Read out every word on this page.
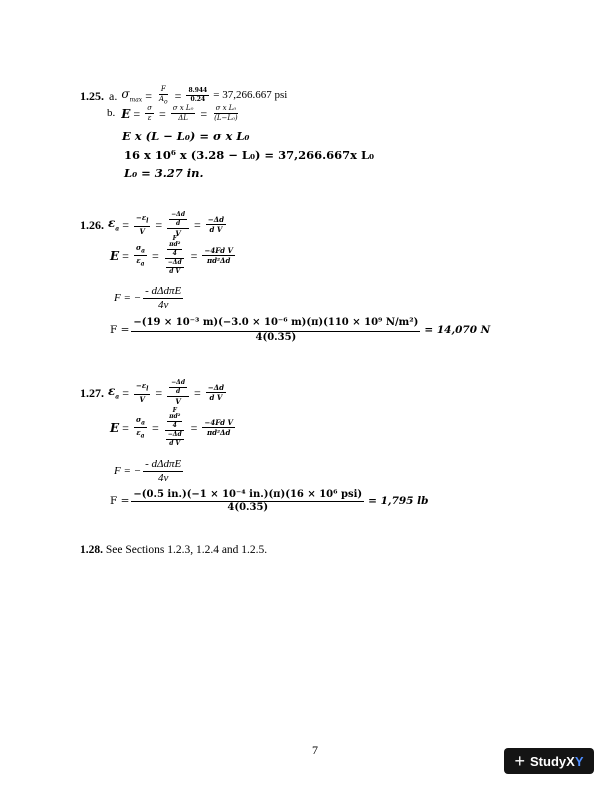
1.25. a. $\sigma_{max} = \frac{F}{A_o} = \frac{8.944}{0.24} = 37,266.667$ psi
b. $E = \frac{\sigma}{\varepsilon} = \frac{\text{σ x L₀}}{\Delta L} = \frac{\text{σ x L₀}}{\text{(L−L₀)}}$
E x (L − L₀) = σ x L₀
16 x 10⁶ x (3.28 − L₀) = 37,266.667x L₀
L₀ = 3.27 in.
1.26. $\varepsilon_a = \frac{-\varepsilon_l}{V} = \frac{\frac{-\Delta d}{d}}{V} = \frac{-\Delta d}{\text{d V}}$
$E = \frac{\sigma_a}{\varepsilon_a} = F$
$\frac{\text{πd²}}{4}$
$\frac{-\Delta d}{\text{d V}} = \frac{\text{−4Fd V}}{\text{πd²Δd}}$
F = − $\frac{\text{- dΔdπE}}{4\nu}$
$F = \frac{\text{−(19 × 10⁻³ m)(−3.0 × 10⁻⁶ m)(π)(110 × 10⁹ N/m²)}}{4(0.35)} = 14,070$ N
1.27. $\varepsilon_a = \frac{-\varepsilon_l}{V} = \frac{\frac{-\Delta d}{d}}{V} = \frac{-\Delta d}{\text{d V}}$
$E = \frac{\sigma_a}{\varepsilon_a} = F$
$\frac{\text{πd²}}{4}$
$\frac{-\Delta d}{\text{d V}} = \frac{\text{−4Fd V}}{\text{πd²Δd}}$
F = − $\frac{\text{- dΔdπE}}{4\nu}$
$F = \frac{\text{−(0.5 in.)(−1 × 10⁻⁴ in.)(π)(16 × 10⁶ psi)}}{4(0.35)} = 1,795$ lb
1.28. See Sections 1.2.3, 1.2.4 and 1.2.5.
7
+ StudyXY
